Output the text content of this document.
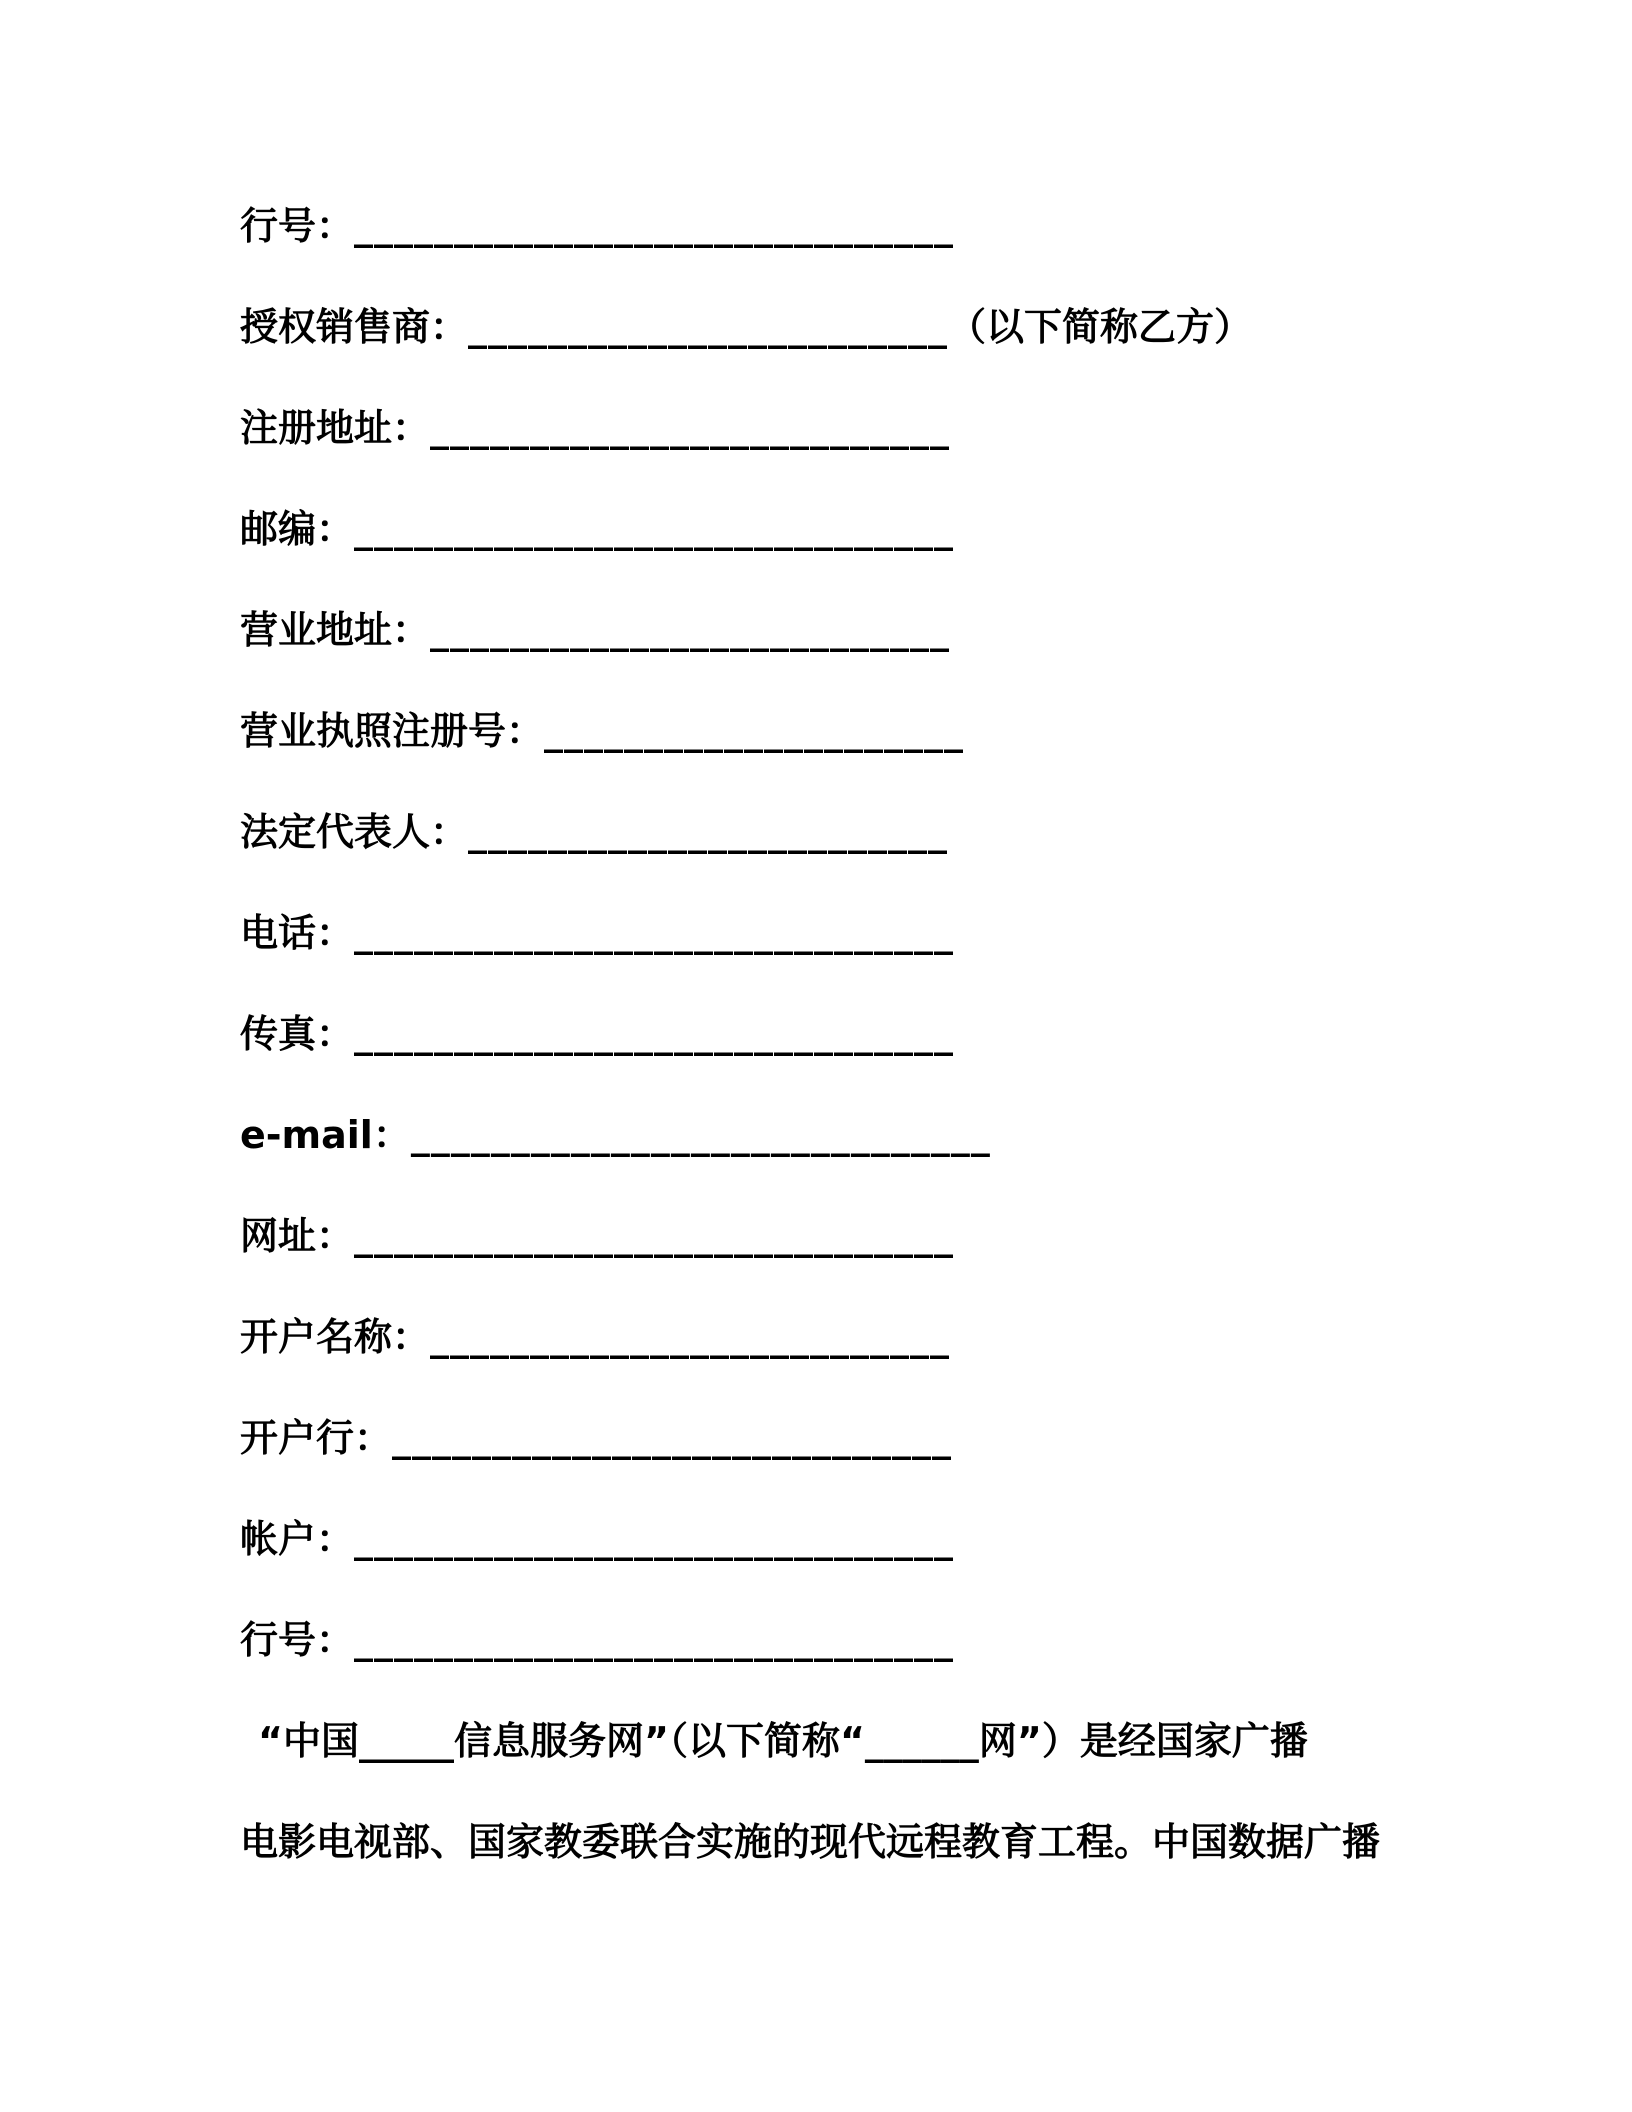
行号：______________________________
授权销售商：________________________（以下简称乙方）
注册地址：__________________________
邮编：______________________________
营业地址：__________________________
营业执照注册号：_____________________
法定代表人：________________________
电话：______________________________
传真：______________________________
e-mail：_____________________________
网址：______________________________
开户名称：__________________________
开户行：____________________________
帐户：______________________________
行号：______________________________
“中国_____信息服务网”（以下简称“______网”）是经国家广播
电影电视部、国家教委联合实施的现代远程教育工程。中国数据广播
